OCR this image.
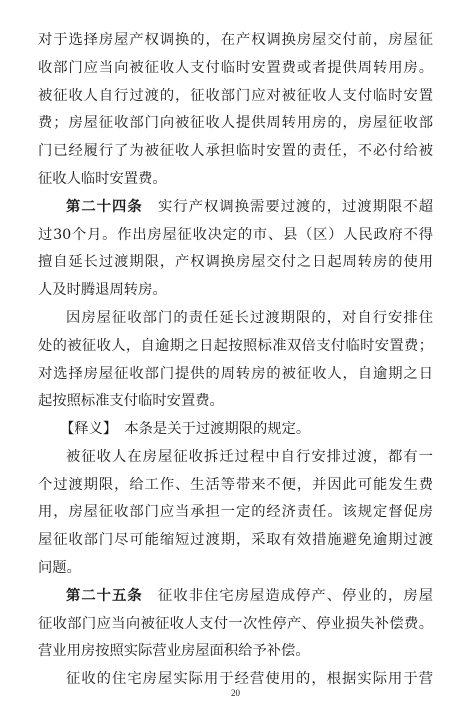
对于选择房屋产权调换的，在产权调换房屋交付前，房屋征
收部门应当向被征收人支付临时安置费或者提供周转用房。
被征收人自行过渡的，征收部门应对被征收人支付临时安置
费；房屋征收部门向被征收人提供周转用房的，房屋征收部
门已经履行了为被征收人承担临时安置的责任，不必付给被
征收人临时安置费。
第二十四条　实行产权调换需要过渡的，过渡期限不超
过30个月。作出房屋征收决定的市、县（区）人民政府不得
擅自延长过渡期限，产权调换房屋交付之日起周转房的使用
人及时腾退周转房。
因房屋征收部门的责任延长过渡期限的，对自行安排住
处的被征收人，自逾期之日起按照标准双倍支付临时安置费；
对选择房屋征收部门提供的周转房的被征收人，自逾期之日
起按照标准支付临时安置费。
【释义】　本条是关于过渡期限的规定。
被征收人在房屋征收拆迁过程中自行安排过渡，都有一
个过渡期限，给工作、生活等带来不便，并因此可能发生费
用，房屋征收部门应当承担一定的经济责任。该规定督促房
屋征收部门尽可能缩短过渡期，采取有效措施避免逾期过渡
问题。
第二十五条　征收非住宅房屋造成停产、停业的，房屋
征收部门应当向被征收人支付一次性停产、停业损失补偿费。
营业用房按照实际营业房屋面积给予补偿。
征收的住宅房屋实际用于经营使用的，根据实际用于营
20
